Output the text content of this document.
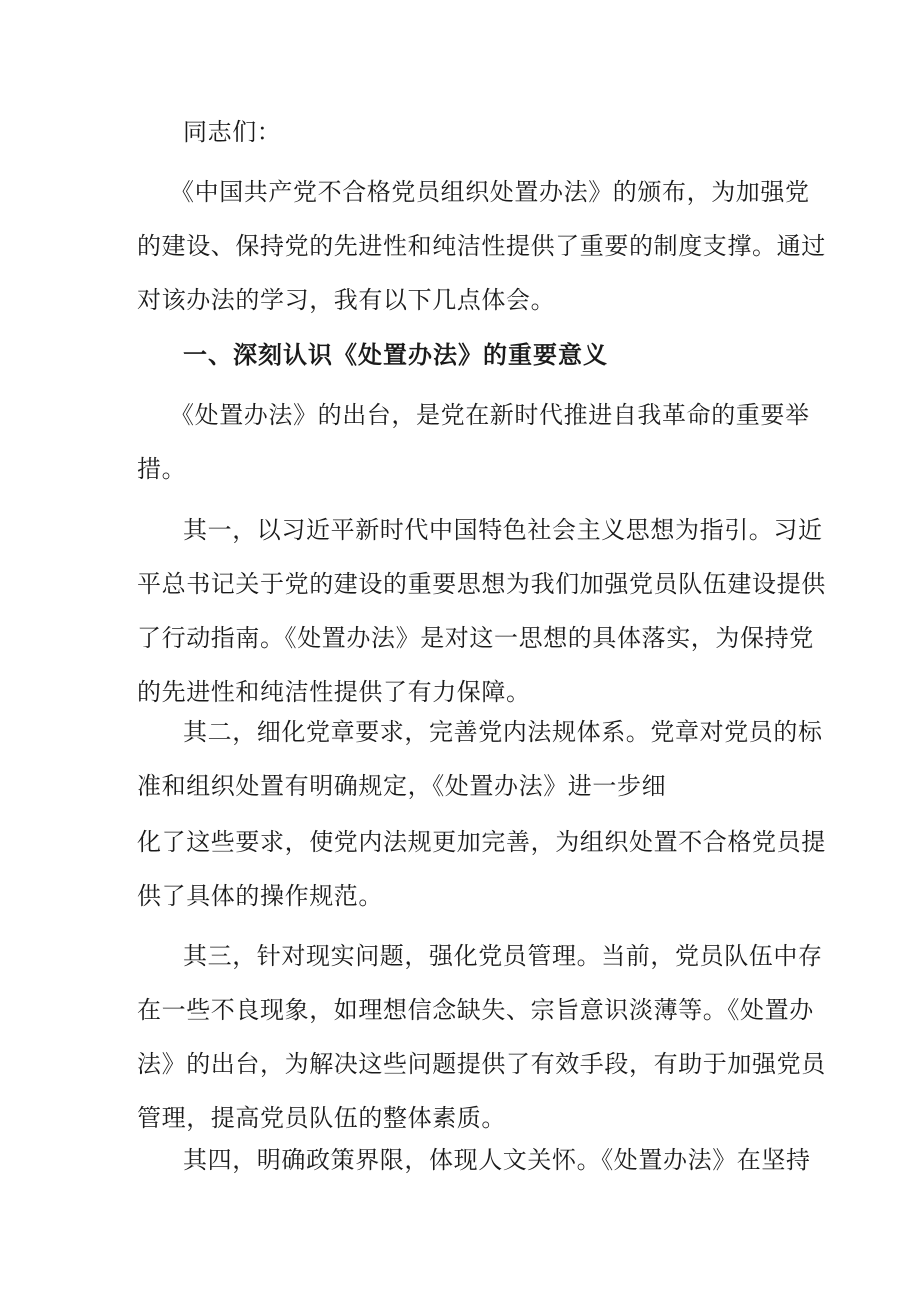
同志们：
《中国共产党不合格党员组织处置办法》的颁布，为加强党
的建设、保持党的先进性和纯洁性提供了重要的制度支撑。通过
对该办法的学习，我有以下几点体会。
一、深刻认识《处置办法》的重要意义
《处置办法》的出台，是党在新时代推进自我革命的重要举
措。
其一，以习近平新时代中国特色社会主义思想为指引。习近
平总书记关于党的建设的重要思想为我们加强党员队伍建设提供
了行动指南。《处置办法》是对这一思想的具体落实，为保持党
的先进性和纯洁性提供了有力保障。
其二，细化党章要求，完善党内法规体系。党章对党员的标
准和组织处置有明确规定，《处置办法》进一步细
化了这些要求，使党内法规更加完善，为组织处置不合格党员提
供了具体的操作规范。
其三，针对现实问题，强化党员管理。当前，党员队伍中存
在一些不良现象，如理想信念缺失、宗旨意识淡薄等。《处置办
法》的出台，为解决这些问题提供了有效手段，有助于加强党员
管理，提高党员队伍的整体素质。
其四，明确政策界限，体现人文关怀。《处置办法》在坚持
